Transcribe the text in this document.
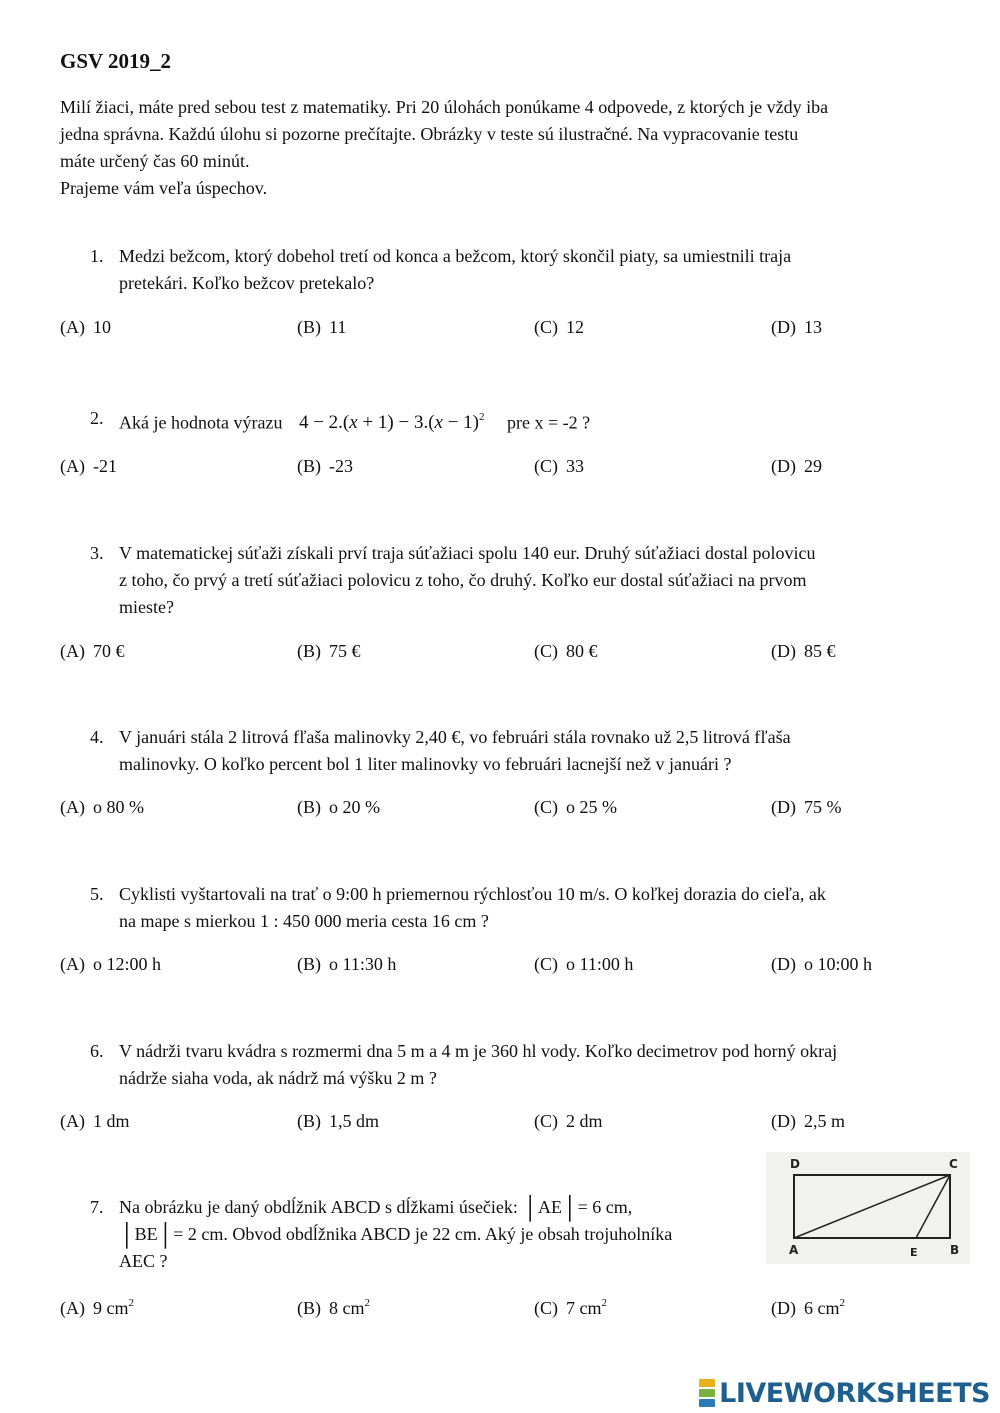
GSV 2019_2
Milí žiaci, máte pred sebou test z matematiky. Pri 20 úlohách ponúkame 4 odpovede, z ktorých je vždy iba
jedna správna. Každú úlohu si pozorne prečítajte. Obrázky v teste sú ilustračné. Na vypracovanie testu
máte určený čas 60 minút.
Prajeme vám veľa úspechov.
1. Medzi bežcom, ktorý dobehol tretí od konca a bežcom, ktorý skončil piaty, sa umiestnili traja
pretekári. Koľko bežcov pretekalo?
(A) 10	(B) 11	(C) 12	(D) 13
2. Aká je hodnota výrazu $4 - 2.(x + 1) - 3.(x - 1)^2$ pre x = -2 ?
(A) -21	(B) -23	(C) 33	(D) 29
3. V matematickej súťaži získali prví traja súťažiaci spolu 140 eur. Druhý súťažiaci dostal polovicu
z toho, čo prvý a tretí súťažiaci polovicu z toho, čo druhý. Koľko eur dostal súťažiaci na prvom
mieste?
(A) 70 €	(B) 75 €	(C) 80 €	(D) 85 €
4. V januári stála 2 litrová fľaša malinovky 2,40 €, vo februári stála rovnako už 2,5 litrová fľaša
malinovky. O koľko percent bol 1 liter malinovky vo februári lacnejší než v januári ?
(A) o 80 %	(B) o 20 %	(C) o 25 %	(D) 75 %
5. Cyklisti vyštartovali na trať o 9:00 h priemernou rýchlosťou 10 m/s. O koľkej dorazia do cieľa, ak
na mape s mierkou 1 : 450 000 meria cesta 16 cm ?
(A) o 12:00 h	(B) o 11:30 h	(C) o 11:00 h	(D) o 10:00 h
6. V nádrži tvaru kvádra s rozmermi dna 5 m a 4 m je 360 hl vody. Koľko decimetrov pod horný okraj
nádrže siaha voda, ak nádrž má výšku 2 m ?
(A) 1 dm	(B) 1,5 dm	(C) 2 dm	(D) 2,5 m
7. Na obrázku je daný obdĺžnik ABCD s dĺžkami úsečiek: │AE│= 6 cm,
│BE│= 2 cm. Obvod obdĺžnika ABCD je 22 cm. Aký je obsah trojuholníka
AEC ?
D	C
A	E	B
(A) 9 $cm^2$	(B) 8 $cm^2$	(C) 7 $cm^2$	(D) 6 $cm^2$
LIVEWORKSHEETS
